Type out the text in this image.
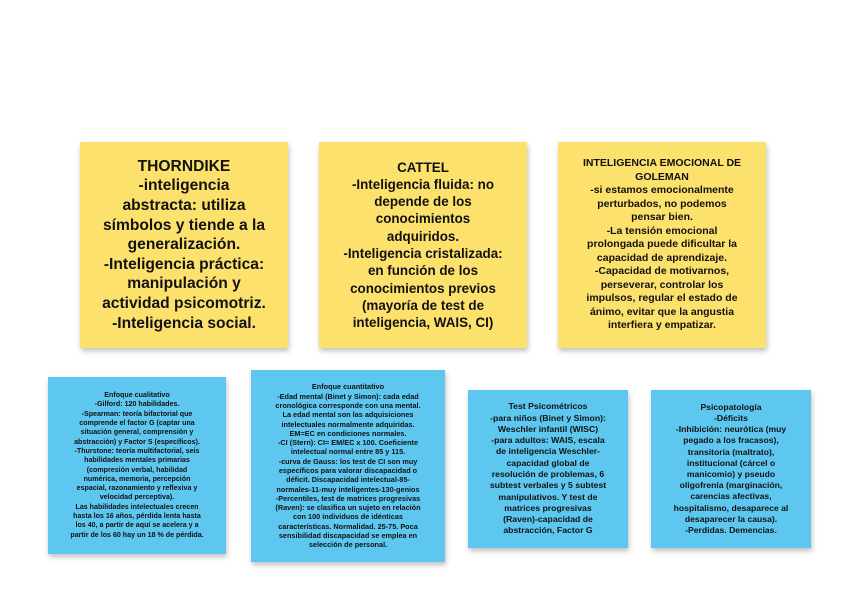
THORNDIKE
-inteligencia
abstracta: utiliza
símbolos y tiende a la
generalización.
-Inteligencia práctica:
manipulación y
actividad psicomotriz.
-Inteligencia social.
CATTEL
-Inteligencia fluida: no
depende de los
conocimientos
adquiridos.
-Inteligencia cristalizada:
en función de los
conocimientos previos
(mayoría de test de
inteligencia, WAIS, CI)
INTELIGENCIA EMOCIONAL DE
GOLEMAN
-si estamos emocionalmente
perturbados, no podemos
pensar bien.
-La tensión emocional
prolongada puede dificultar la
capacidad de aprendizaje.
-Capacidad de motivarnos,
perseverar, controlar los
impulsos, regular el estado de
ánimo, evitar que la angustia
interfiera y empatizar.
Enfoque cualitativo
-Gilford: 120 habilidades.
-Spearman: teoría bifactorial que
comprende el factor G (captar una
situación general, comprensión y
abstracción) y Factor S (específicos).
-Thurstone: teoría multifactorial, seis
habilidades mentales primarias
(compresión verbal, habilidad
numérica, memoria, percepción
espacial, razonamiento y reflexiva y
velocidad perceptiva).
Las habilidades intelectuales crecen
hasta los 16 años, pérdida lenta hasta
los 40, a partir de aquí se acelera y a
partir de los 60 hay un 18 % de pérdida.
Enfoque cuantitativo
-Edad mental (Binet y Simon): cada edad
cronológica corresponde con una mental.
La edad mental son las adquisiciones
intelectuales normalmente adquiridas.
EM=EC en condiciones normales.
-CI (Stern): CI= EM/EC x 100. Coeficiente
intelectual normal entre 85 y 115.
-curva de Gauss: los test de CI son muy
específicos para valorar discapacidad o
déficit. Discapacidad intelectual-85-
normales-11-muy inteligentes-130-genios
-Percentiles, test de matrices progresivas
(Raven): se clasifica un sujeto en relación
con 100 individuos de idénticas
características. Normalidad. 25-75. Poca
sensibilidad discapacidad se emplea en
selección de personal.
Test Psicométricos
-para niños (Binet y Simon):
Weschler infantil (WISC)
-para adultos: WAIS, escala
de inteligencia Weschler-
capacidad global de
resolución de problemas, 6
subtest verbales y 5 subtest
manipulativos. Y test de
matrices progresivas
(Raven)-capacidad de
abstracción, Factor G
Psicopatología
-Déficits
-Inhibición: neurótica (muy
pegado a los fracasos),
transitoria (maltrato),
institucional (cárcel o
manicomio) y pseudo
oligofrenia (marginación,
carencias afectivas,
hospitalismo, desaparece al
desaparecer la causa).
-Perdidas. Demencias.
